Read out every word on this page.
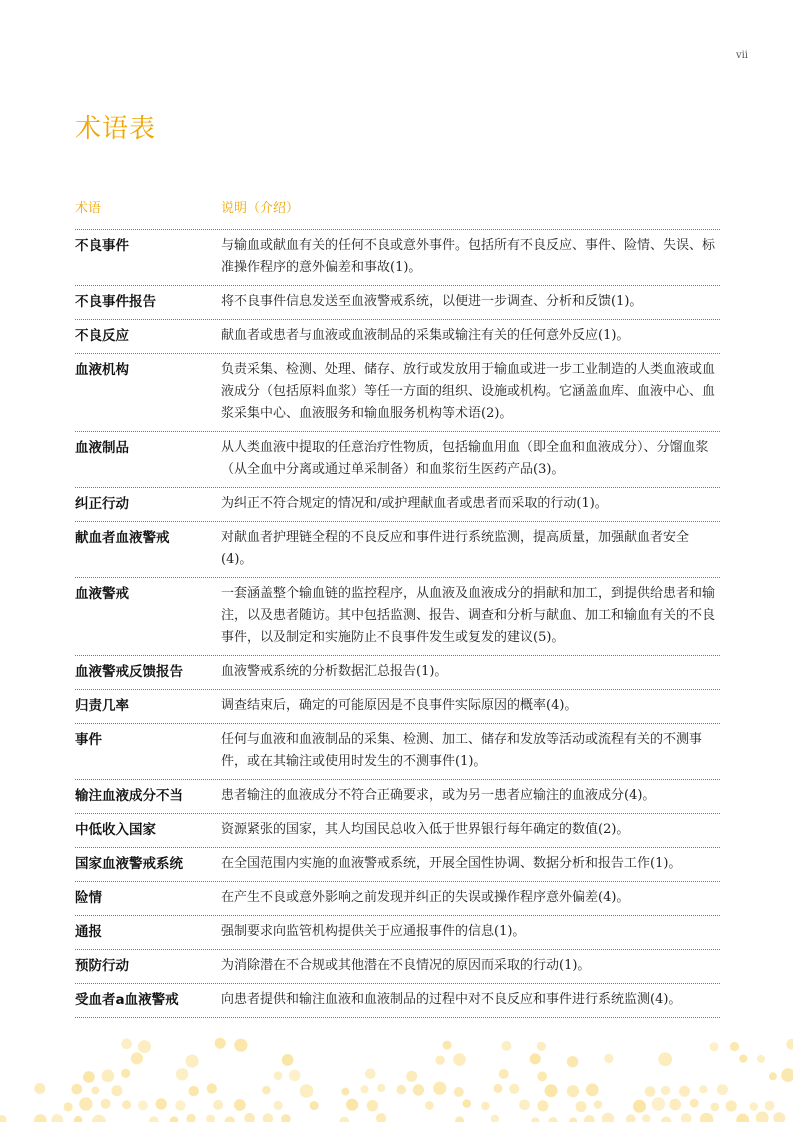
vii
术语表
术语	说明（介绍）
不良事件	与输血或献血有关的任何不良或意外事件。包括所有不良反应、事件、险情、失误、标准操作程序的意外偏差和事故(1)。
不良事件报告	将不良事件信息发送至血液警戒系统，以便进一步调查、分析和反馈(1)。
不良反应	献血者或患者与血液或血液制品的采集或输注有关的任何意外反应(1)。
血液机构	负责采集、检测、处理、储存、放行或发放用于输血或进一步工业制造的人类血液或血液成分（包括原料血浆）等任一方面的组织、设施或机构。它涵盖血库、血液中心、血浆采集中心、血液服务和输血服务机构等术语(2)。
血液制品	从人类血液中提取的任意治疗性物质，包括输血用血（即全血和血液成分）、分馏血浆（从全血中分离或通过单采制备）和血浆衍生医药产品(3)。
纠正行动	为纠正不符合规定的情况和/或护理献血者或患者而采取的行动(1)。
献血者血液警戒	对献血者护理链全程的不良反应和事件进行系统监测，提高质量，加强献血者安全(4)。
血液警戒	一套涵盖整个输血链的监控程序，从血液及血液成分的捐献和加工，到提供给患者和输注，以及患者随访。其中包括监测、报告、调查和分析与献血、加工和输血有关的不良事件，以及制定和实施防止不良事件发生或复发的建议(5)。
血液警戒反馈报告	血液警戒系统的分析数据汇总报告(1)。
归责几率	调查结束后，确定的可能原因是不良事件实际原因的概率(4)。
事件	任何与血液和血液制品的采集、检测、加工、储存和发放等活动或流程有关的不测事件，或在其输注或使用时发生的不测事件(1)。
输注血液成分不当	患者输注的血液成分不符合正确要求，或为另一患者应输注的血液成分(4)。
中低收入国家	资源紧张的国家，其人均国民总收入低于世界银行每年确定的数值(2)。
国家血液警戒系统	在全国范围内实施的血液警戒系统，开展全国性协调、数据分析和报告工作(1)。
险情	在产生不良或意外影响之前发现并纠正的失误或操作程序意外偏差(4)。
通报	强制要求向监管机构提供关于应通报事件的信息(1)。
预防行动	为消除潜在不合规或其他潜在不良情况的原因而采取的行动(1)。
受血者a血液警戒	向患者提供和输注血液和血液制品的过程中对不良反应和事件进行系统监测(4)。
